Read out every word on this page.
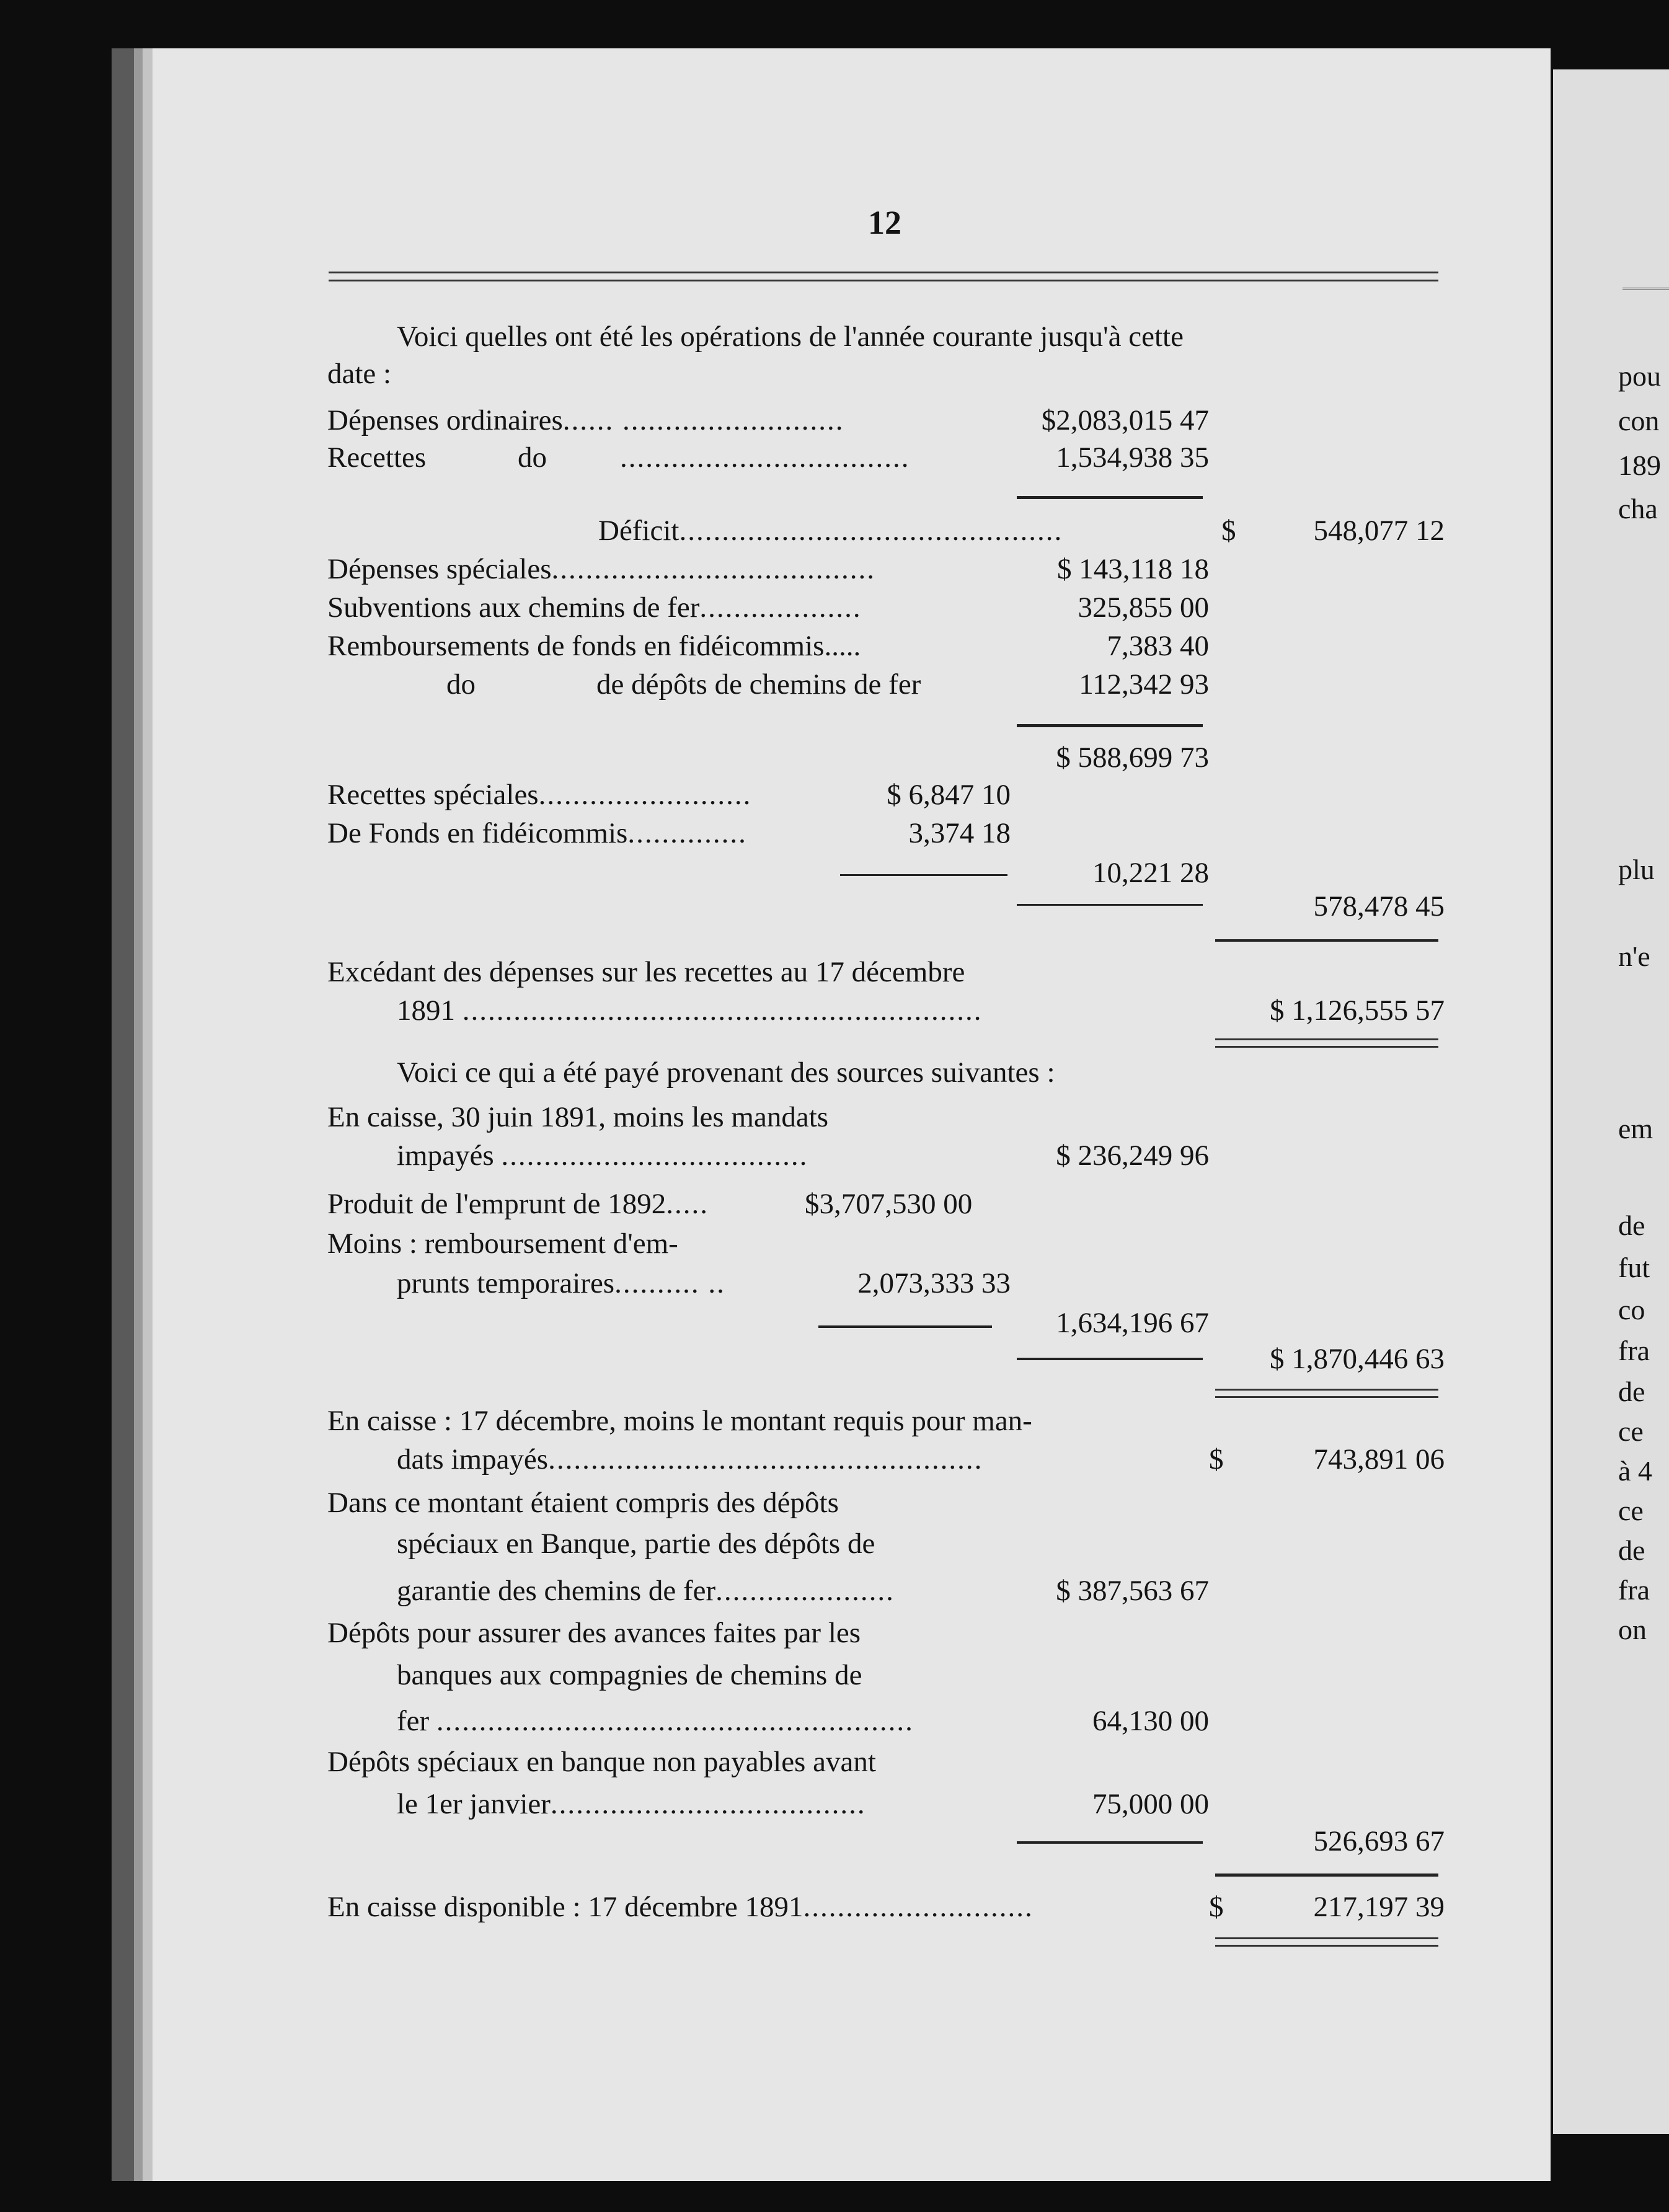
12
Voici quelles ont été les opérations de l'année courante jusqu'à cette
date :
Dépenses ordinaires...... ..........................	$2,083,015 47
Recettes	do	..................................	1,534,938 35
Déficit.............................................	$	548,077 12
Dépenses spéciales......................................	$ 143,118 18
Subventions aux chemins de fer...................	325,855 00
Remboursements de fonds en fidéicommis.....	7,383 40
do	de dépôts de chemins de fer	112,342 93
$ 588,699 73
Recettes spéciales.........................	$ 6,847 10
De Fonds en fidéicommis..............	3,374 18
10,221 28
578,478 45
Excédant des dépenses sur les recettes au 17 décembre
1891 .............................................................	$ 1,126,555 57
Voici ce qui a été payé provenant des sources suivantes :
En caisse, 30 juin 1891, moins les mandats
impayés ....................................	$ 236,249 96
Produit de l'emprunt de 1892.....	$3,707,530 00
Moins : remboursement d'em-
prunts temporaires.......... ..	2,073,333 33
1,634,196 67
$ 1,870,446 63
En caisse : 17 décembre, moins le montant requis pour man-
dats impayés...................................................	$	743,891 06
Dans ce montant étaient compris des dépôts
spéciaux en Banque, partie des dépôts de
garantie des chemins de fer.....................	$ 387,563 67
Dépôts pour assurer des avances faites par les
banques aux compagnies de chemins de
fer ........................................................	64,130 00
Dépôts spéciaux en banque non payables avant
le 1er janvier.....................................	75,000 00
526,693 67
En caisse disponible : 17 décembre 1891...........................	$	217,197 39
pou
con
189
cha
plu
n'e
em
de
fut
co
fra
de
ce
à 4
ce
de
fra
on
